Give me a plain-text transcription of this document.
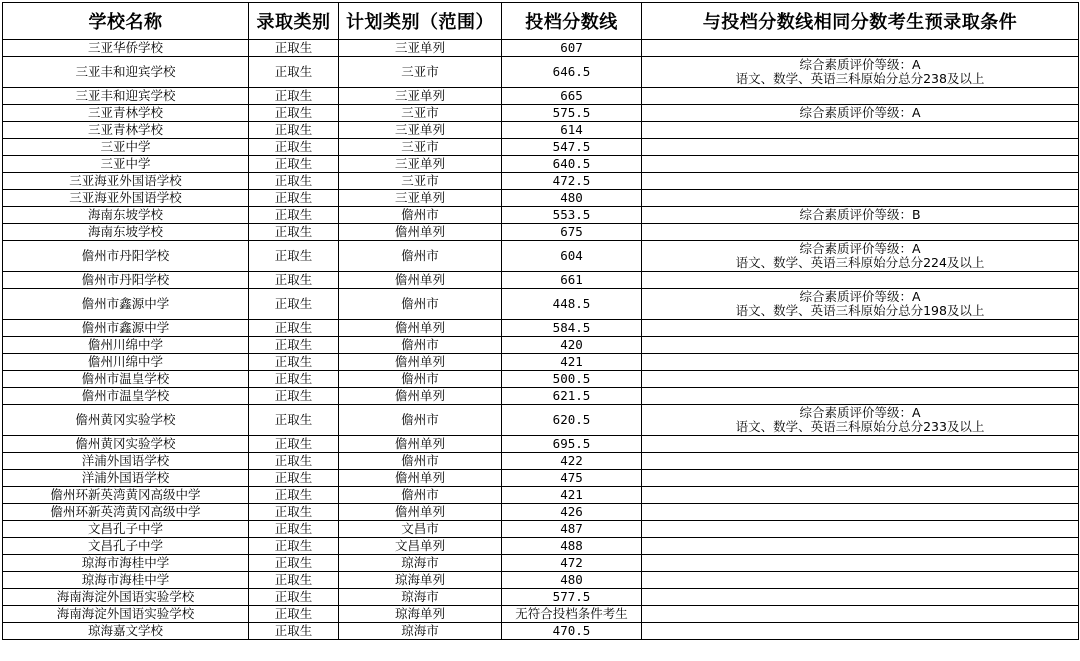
学校名称	录取类别	计划类别（范围）	投档分数线	与投档分数线相同分数考生预录取条件
三亚华侨学校	正取生	三亚单列	607	
三亚丰和迎宾学校	正取生	三亚市	646.5	综合素质评价等级：A
语文、数学、英语三科原始分总分238及以上

三亚丰和迎宾学校	正取生	三亚单列	665	
三亚青林学校	正取生	三亚市	575.5	综合素质评价等级：A

三亚青林学校	正取生	三亚单列	614	
三亚中学	正取生	三亚市	547.5	
三亚中学	正取生	三亚单列	640.5	
三亚海亚外国语学校	正取生	三亚市	472.5	
三亚海亚外国语学校	正取生	三亚单列	480	
海南东坡学校	正取生	儋州市	553.5	综合素质评价等级：B

海南东坡学校	正取生	儋州单列	675	
儋州市丹阳学校	正取生	儋州市	604	综合素质评价等级：A
语文、数学、英语三科原始分总分224及以上

儋州市丹阳学校	正取生	儋州单列	661	
儋州市鑫源中学	正取生	儋州市	448.5	综合素质评价等级：A
语文、数学、英语三科原始分总分198及以上

儋州市鑫源中学	正取生	儋州单列	584.5	
儋州川绵中学	正取生	儋州市	420	
儋州川绵中学	正取生	儋州单列	421	
儋州市温皇学校	正取生	儋州市	500.5	
儋州市温皇学校	正取生	儋州单列	621.5	
儋州黄冈实验学校	正取生	儋州市	620.5	综合素质评价等级：A
语文、数学、英语三科原始分总分233及以上

儋州黄冈实验学校	正取生	儋州单列	695.5	
洋浦外国语学校	正取生	儋州市	422	
洋浦外国语学校	正取生	儋州单列	475	
儋州环新英湾黄冈高级中学	正取生	儋州市	421	
儋州环新英湾黄冈高级中学	正取生	儋州单列	426	
文昌孔子中学	正取生	文昌市	487	
文昌孔子中学	正取生	文昌单列	488	
琼海市海桂中学	正取生	琼海市	472	
琼海市海桂中学	正取生	琼海单列	480	
海南海淀外国语实验学校	正取生	琼海市	577.5	
海南海淀外国语实验学校	正取生	琼海单列	无符合投档条件考生	
琼海嘉文学校	正取生	琼海市	470.5	
